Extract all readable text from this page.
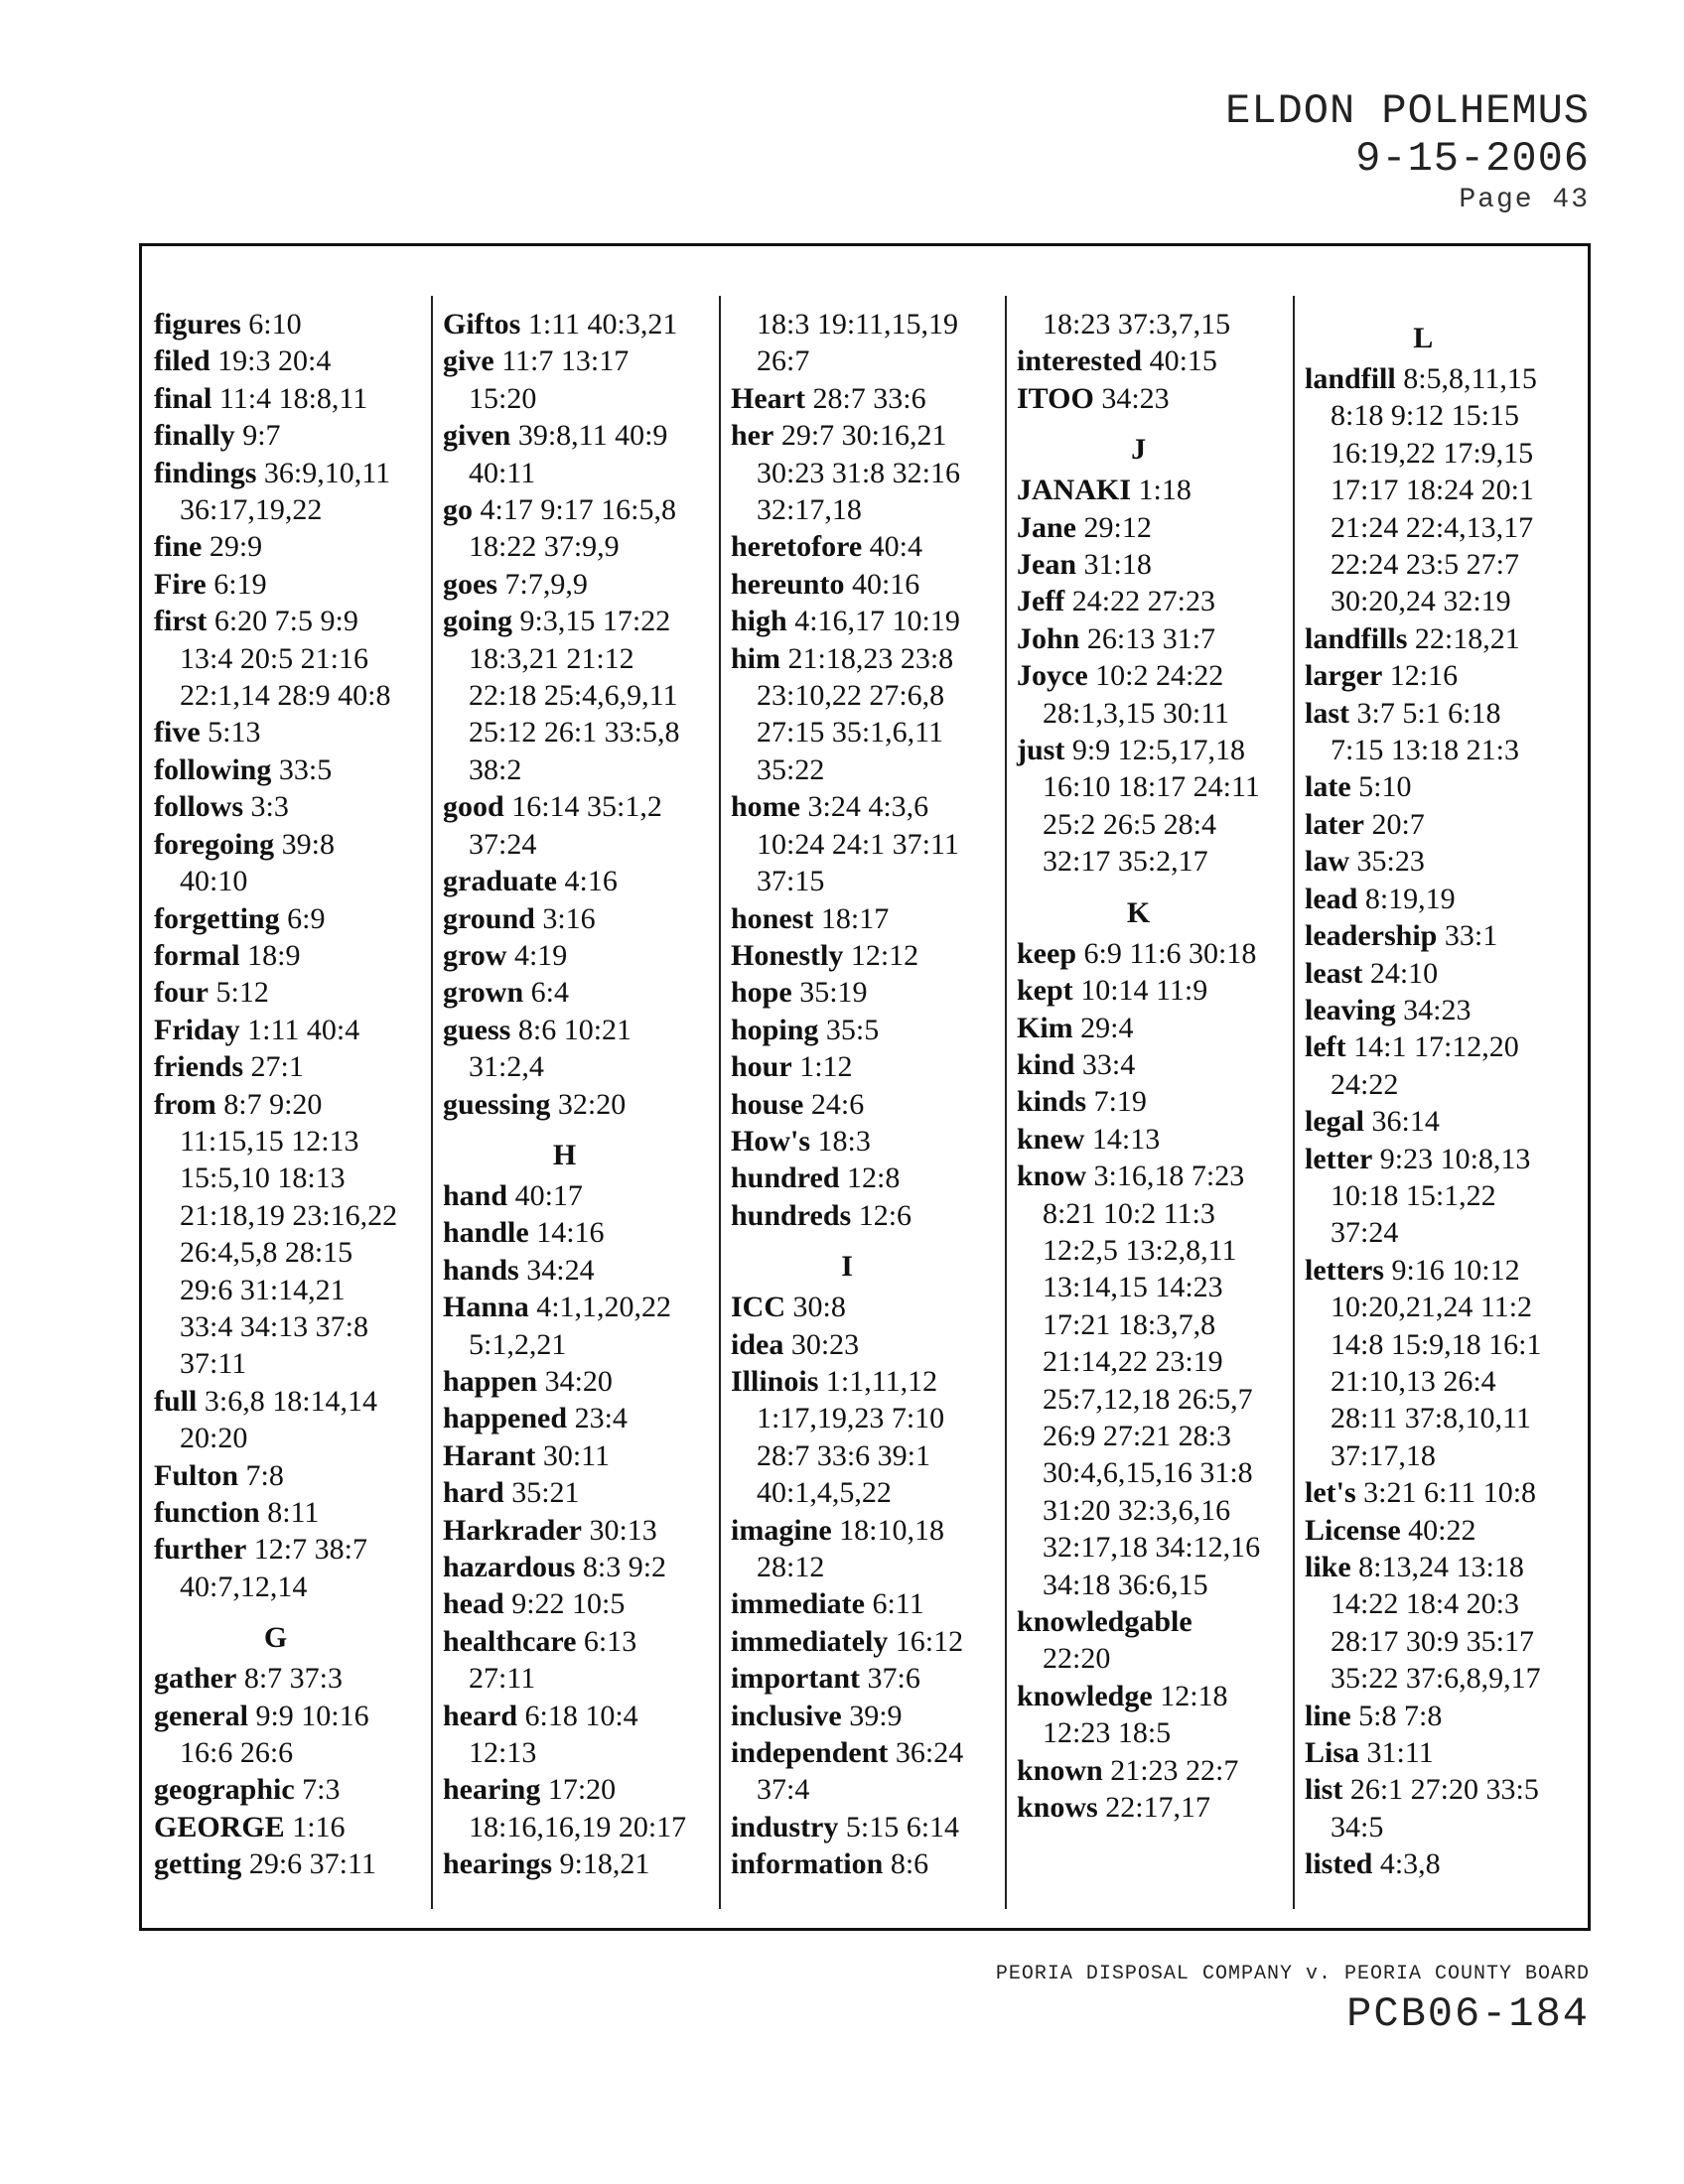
ELDON POLHEMUS
9-15-2006
Page 43
figures 6:10
filed 19:3 20:4
final 11:4 18:8,11
finally 9:7
findings 36:9,10,11
36:17,19,22
fine 29:9
Fire 6:19
first 6:20 7:5 9:9
13:4 20:5 21:16
22:1,14 28:9 40:8
five 5:13
following 33:5
follows 3:3
foregoing 39:8
40:10
forgetting 6:9
formal 18:9
four 5:12
Friday 1:11 40:4
friends 27:1
from 8:7 9:20
11:15,15 12:13
15:5,10 18:13
21:18,19 23:16,22
26:4,5,8 28:15
29:6 31:14,21
33:4 34:13 37:8
37:11
full 3:6,8 18:14,14
20:20
Fulton 7:8
function 8:11
further 12:7 38:7
40:7,12,14
G
gather 8:7 37:3
general 9:9 10:16
16:6 26:6
geographic 7:3
GEORGE 1:16
getting 29:6 37:11
Giftos 1:11 40:3,21
give 11:7 13:17
15:20
given 39:8,11 40:9
40:11
go 4:17 9:17 16:5,8
18:22 37:9,9
goes 7:7,9,9
going 9:3,15 17:22
18:3,21 21:12
22:18 25:4,6,9,11
25:12 26:1 33:5,8
38:2
good 16:14 35:1,2
37:24
graduate 4:16
ground 3:16
grow 4:19
grown 6:4
guess 8:6 10:21
31:2,4
guessing 32:20
H
hand 40:17
handle 14:16
hands 34:24
Hanna 4:1,1,20,22
5:1,2,21
happen 34:20
happened 23:4
Harant 30:11
hard 35:21
Harkrader 30:13
hazardous 8:3 9:2
head 9:22 10:5
healthcare 6:13
27:11
heard 6:18 10:4
12:13
hearing 17:20
18:16,16,19 20:17
hearings 9:18,21
18:3 19:11,15,19
26:7
Heart 28:7 33:6
her 29:7 30:16,21
30:23 31:8 32:16
32:17,18
heretofore 40:4
hereunto 40:16
high 4:16,17 10:19
him 21:18,23 23:8
23:10,22 27:6,8
27:15 35:1,6,11
35:22
home 3:24 4:3,6
10:24 24:1 37:11
37:15
honest 18:17
Honestly 12:12
hope 35:19
hoping 35:5
hour 1:12
house 24:6
How's 18:3
hundred 12:8
hundreds 12:6
I
ICC 30:8
idea 30:23
Illinois 1:1,11,12
1:17,19,23 7:10
28:7 33:6 39:1
40:1,4,5,22
imagine 18:10,18
28:12
immediate 6:11
immediately 16:12
important 37:6
inclusive 39:9
independent 36:24
37:4
industry 5:15 6:14
information 8:6
18:23 37:3,7,15
interested 40:15
ITOO 34:23
J
JANAKI 1:18
Jane 29:12
Jean 31:18
Jeff 24:22 27:23
John 26:13 31:7
Joyce 10:2 24:22
28:1,3,15 30:11
just 9:9 12:5,17,18
16:10 18:17 24:11
25:2 26:5 28:4
32:17 35:2,17
K
keep 6:9 11:6 30:18
kept 10:14 11:9
Kim 29:4
kind 33:4
kinds 7:19
knew 14:13
know 3:16,18 7:23
8:21 10:2 11:3
12:2,5 13:2,8,11
13:14,15 14:23
17:21 18:3,7,8
21:14,22 23:19
25:7,12,18 26:5,7
26:9 27:21 28:3
30:4,6,15,16 31:8
31:20 32:3,6,16
32:17,18 34:12,16
34:18 36:6,15
knowledgable
22:20
knowledge 12:18
12:23 18:5
known 21:23 22:7
knows 22:17,17
L
landfill 8:5,8,11,15
8:18 9:12 15:15
16:19,22 17:9,15
17:17 18:24 20:1
21:24 22:4,13,17
22:24 23:5 27:7
30:20,24 32:19
landfills 22:18,21
larger 12:16
last 3:7 5:1 6:18
7:15 13:18 21:3
late 5:10
later 20:7
law 35:23
lead 8:19,19
leadership 33:1
least 24:10
leaving 34:23
left 14:1 17:12,20
24:22
legal 36:14
letter 9:23 10:8,13
10:18 15:1,22
37:24
letters 9:16 10:12
10:20,21,24 11:2
14:8 15:9,18 16:1
21:10,13 26:4
28:11 37:8,10,11
37:17,18
let's 3:21 6:11 10:8
License 40:22
like 8:13,24 13:18
14:22 18:4 20:3
28:17 30:9 35:17
35:22 37:6,8,9,17
line 5:8 7:8
Lisa 31:11
list 26:1 27:20 33:5
34:5
listed 4:3,8
PEORIA DISPOSAL COMPANY v. PEORIA COUNTY BOARD
PCB06-184
